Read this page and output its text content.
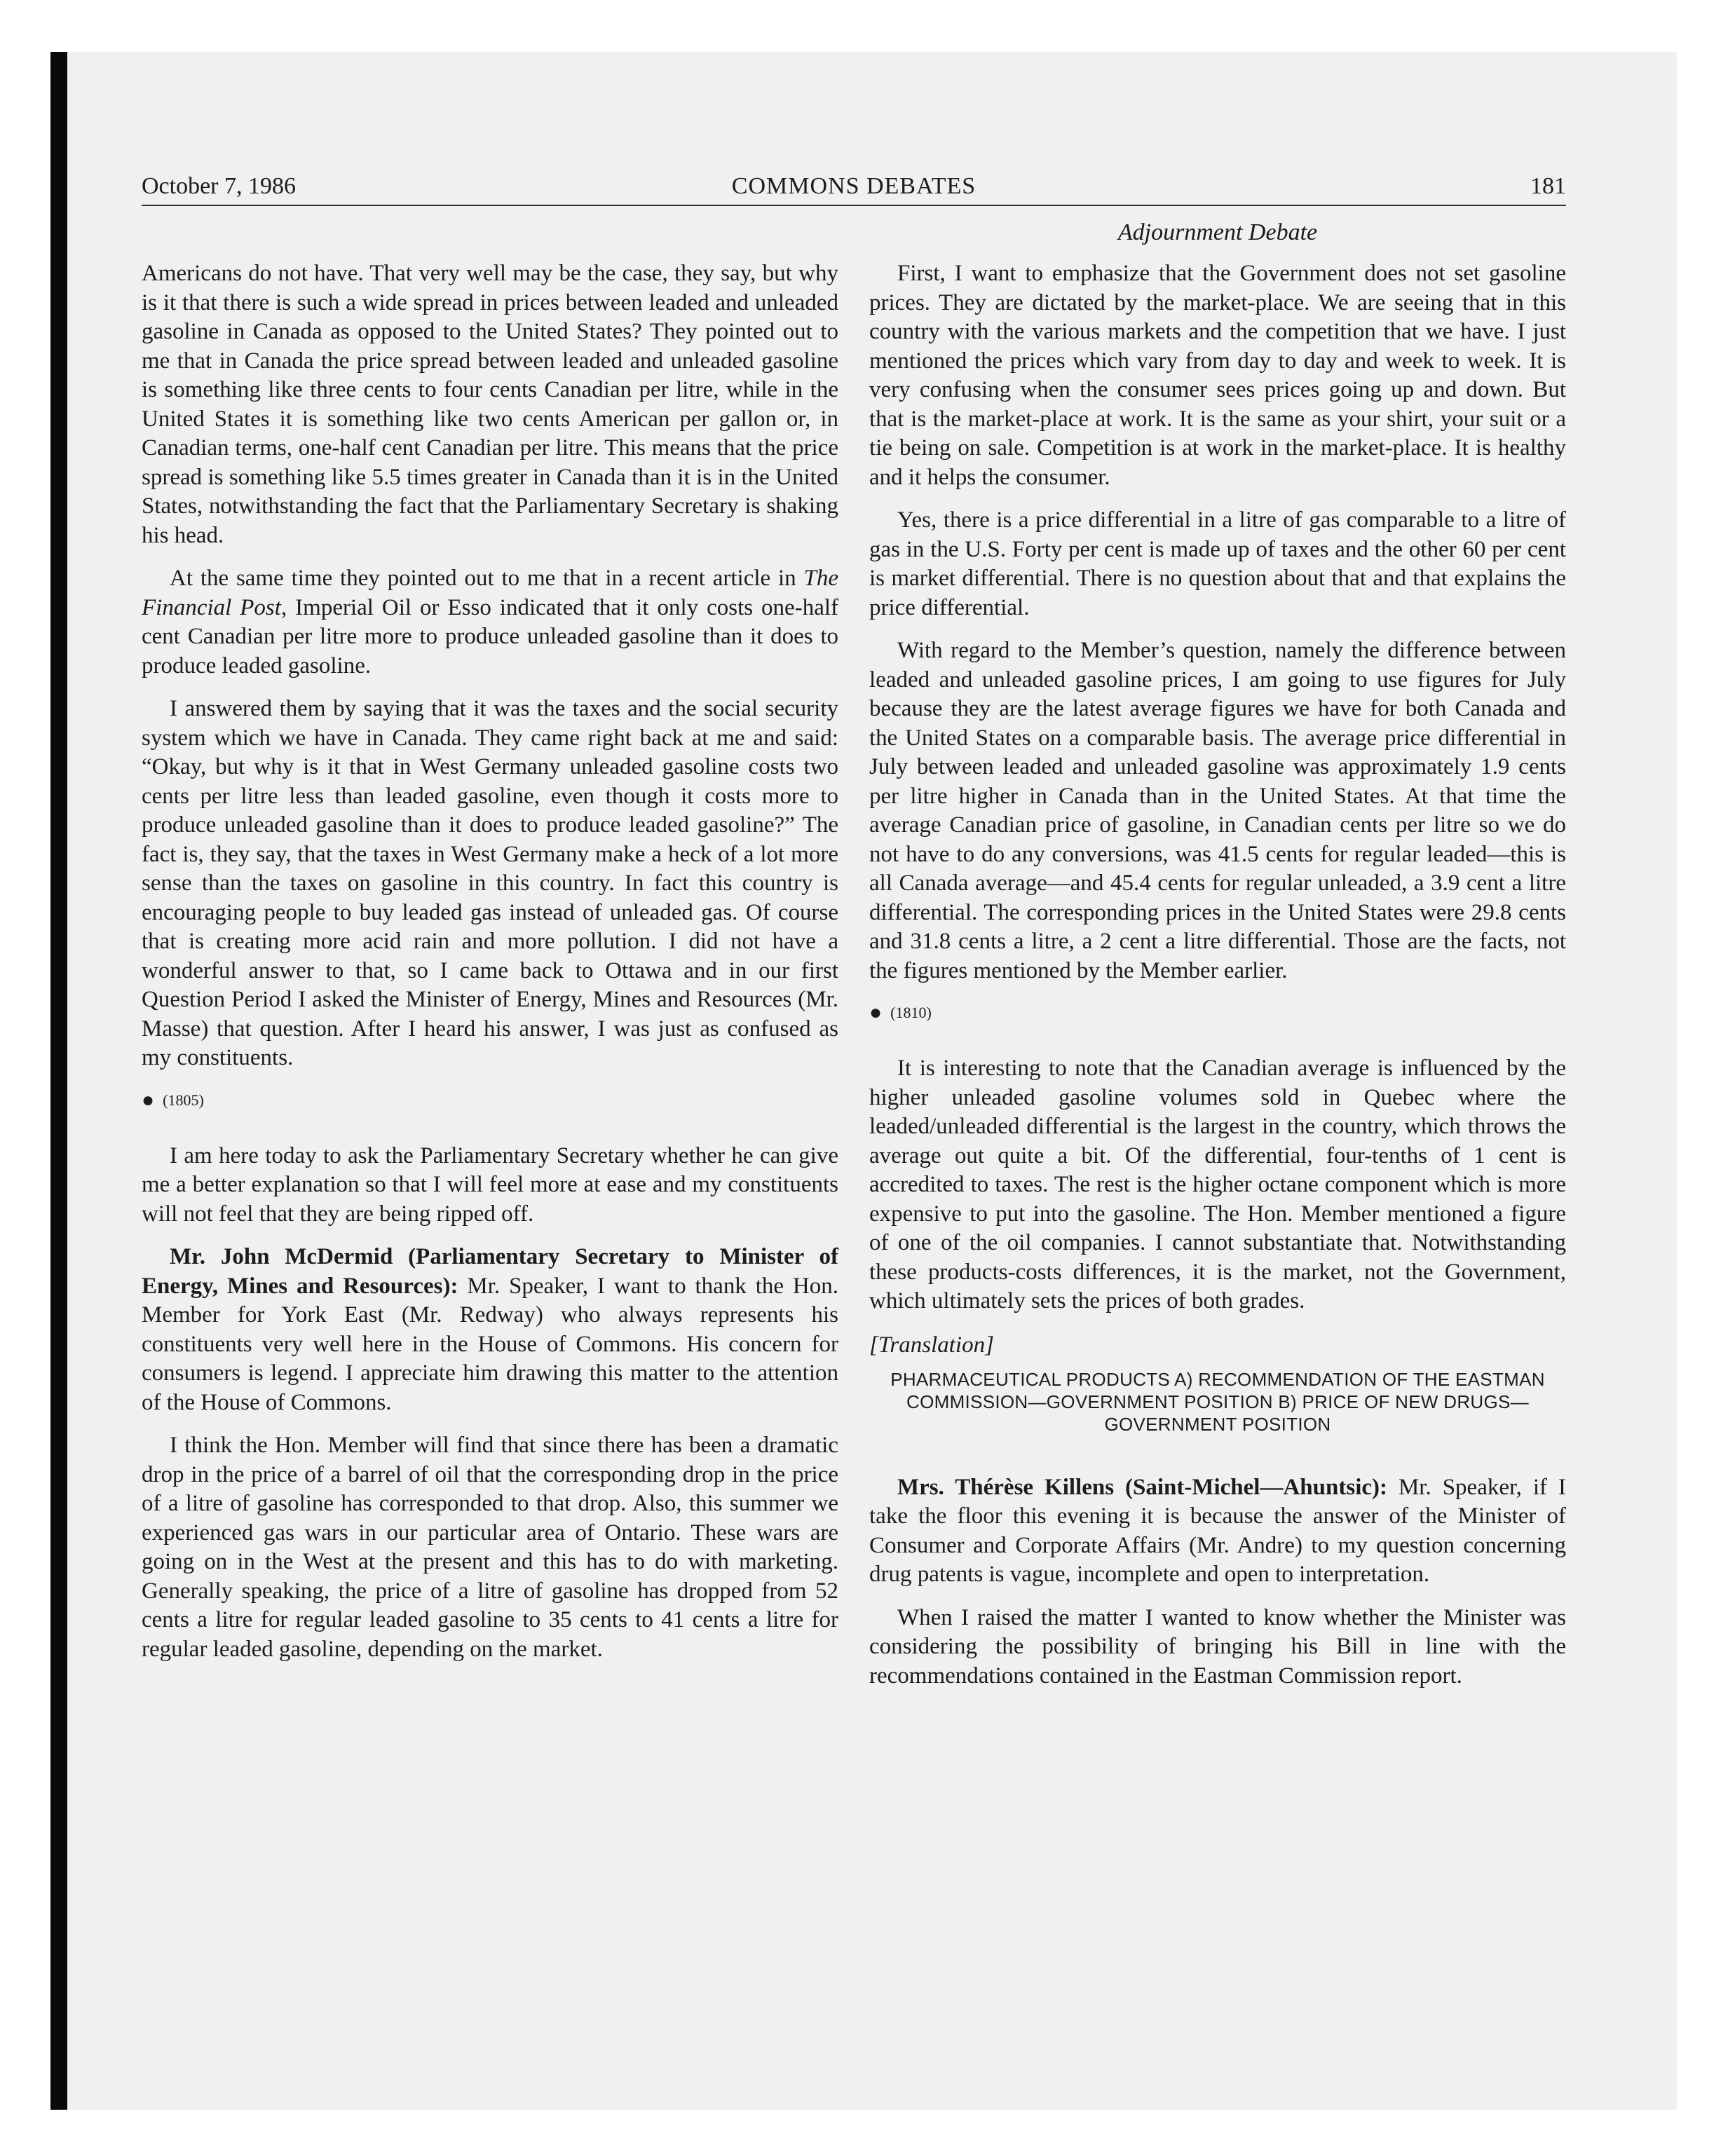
October 7, 1986	COMMONS DEBATES	181
Adjournment Debate

Americans do not have. That very well may be the case, they say, but why is it that there is such a wide spread in prices between leaded and unleaded gasoline in Canada as opposed to the United States? They pointed out to me that in Canada the price spread between leaded and unleaded gasoline is something like three cents to four cents Canadian per litre, while in the United States it is something like two cents American per gallon or, in Canadian terms, one-half cent Canadian per litre. This means that the price spread is something like 5.5 times greater in Canada than it is in the United States, notwithstanding the fact that the Parliamentary Secretary is shaking his head.

At the same time they pointed out to me that in a recent article in The Financial Post, Imperial Oil or Esso indicated that it only costs one-half cent Canadian per litre more to produce unleaded gasoline than it does to produce leaded gasoline.

I answered them by saying that it was the taxes and the social security system which we have in Canada. They came right back at me and said: “Okay, but why is it that in West Germany unleaded gasoline costs two cents per litre less than leaded gasoline, even though it costs more to produce unleaded gasoline than it does to produce leaded gasoline?” The fact is, they say, that the taxes in West Germany make a heck of a lot more sense than the taxes on gasoline in this country. In fact this country is encouraging people to buy leaded gas instead of unleaded gas. Of course that is creating more acid rain and more pollution. I did not have a wonderful answer to that, so I came back to Ottawa and in our first Question Period I asked the Minister of Energy, Mines and Resources (Mr. Masse) that question. After I heard his answer, I was just as confused as my constituents.

● (1805)

I am here today to ask the Parliamentary Secretary whether he can give me a better explanation so that I will feel more at ease and my constituents will not feel that they are being ripped off.

Mr. John McDermid (Parliamentary Secretary to Minister of Energy, Mines and Resources): Mr. Speaker, I want to thank the Hon. Member for York East (Mr. Redway) who always represents his constituents very well here in the House of Commons. His concern for consumers is legend. I appreciate him drawing this matter to the attention of the House of Commons.

I think the Hon. Member will find that since there has been a dramatic drop in the price of a barrel of oil that the corresponding drop in the price of a litre of gasoline has corresponded to that drop. Also, this summer we experienced gas wars in our particular area of Ontario. These wars are going on in the West at the present and this has to do with marketing. Generally speaking, the price of a litre of gasoline has dropped from 52 cents a litre for regular leaded gasoline to 35 cents to 41 cents a litre for regular leaded gasoline, depending on the market.

First, I want to emphasize that the Government does not set gasoline prices. They are dictated by the market-place. We are seeing that in this country with the various markets and the competition that we have. I just mentioned the prices which vary from day to day and week to week. It is very confusing when the consumer sees prices going up and down. But that is the market-place at work. It is the same as your shirt, your suit or a tie being on sale. Competition is at work in the market-place. It is healthy and it helps the consumer.

Yes, there is a price differential in a litre of gas comparable to a litre of gas in the U.S. Forty per cent is made up of taxes and the other 60 per cent is market differential. There is no question about that and that explains the price differential.

With regard to the Member’s question, namely the difference between leaded and unleaded gasoline prices, I am going to use figures for July because they are the latest average figures we have for both Canada and the United States on a comparable basis. The average price differential in July between leaded and unleaded gasoline was approximately 1.9 cents per litre higher in Canada than in the United States. At that time the average Canadian price of gasoline, in Canadian cents per litre so we do not have to do any conversions, was 41.5 cents for regular leaded—this is all Canada average—and 45.4 cents for regular unleaded, a 3.9 cent a litre differential. The corresponding prices in the United States were 29.8 cents and 31.8 cents a litre, a 2 cent a litre differential. Those are the facts, not the figures mentioned by the Member earlier.

● (1810)

It is interesting to note that the Canadian average is influenced by the higher unleaded gasoline volumes sold in Quebec where the leaded/unleaded differential is the largest in the country, which throws the average out quite a bit. Of the differential, four-tenths of 1 cent is accredited to taxes. The rest is the higher octane component which is more expensive to put into the gasoline. The Hon. Member mentioned a figure of one of the oil companies. I cannot substantiate that. Notwithstanding these products-costs differences, it is the market, not the Government, which ultimately sets the prices of both grades.

[Translation]
PHARMACEUTICAL PRODUCTS A) RECOMMENDATION OF THE EASTMAN COMMISSION—GOVERNMENT POSITION B) PRICE OF NEW DRUGS—GOVERNMENT POSITION

Mrs. Thérèse Killens (Saint-Michel—Ahuntsic): Mr. Speaker, if I take the floor this evening it is because the answer of the Minister of Consumer and Corporate Affairs (Mr. Andre) to my question concerning drug patents is vague, incomplete and open to interpretation.

When I raised the matter I wanted to know whether the Minister was considering the possibility of bringing his Bill in line with the recommendations contained in the Eastman Commission report.
